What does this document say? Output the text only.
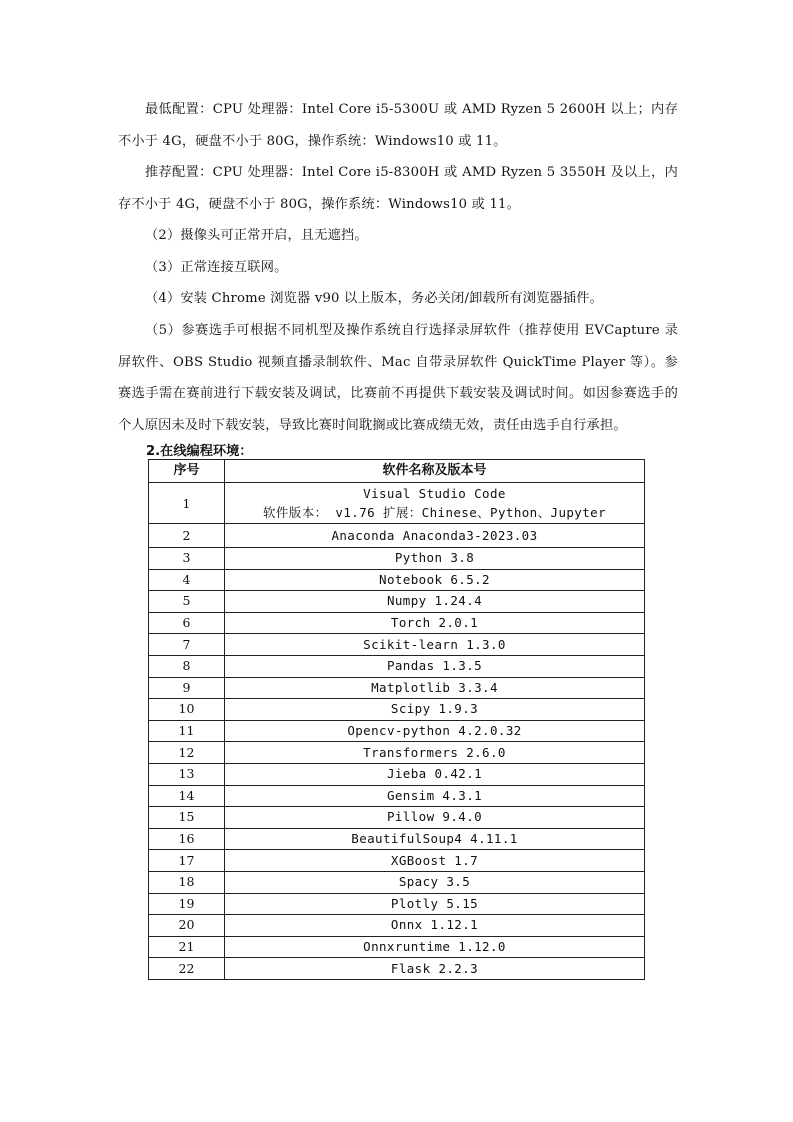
最低配置：CPU 处理器：Intel Core i5-5300U 或 AMD Ryzen 5 2600H 以上；内存不小于 4G，硬盘不小于 80G，操作系统：Windows10 或 11。

推荐配置：CPU 处理器：Intel Core i5-8300H 或 AMD Ryzen 5 3550H 及以上，内存不小于 4G，硬盘不小于 80G，操作系统：Windows10 或 11。

（2）摄像头可正常开启，且无遮挡。

（3）正常连接互联网。

（4）安装 Chrome 浏览器 v90 以上版本，务必关闭/卸载所有浏览器插件。

（5）参赛选手可根据不同机型及操作系统自行选择录屏软件（推荐使用 EVCapture 录屏软件、OBS Studio 视频直播录制软件、Mac 自带录屏软件 QuickTime Player 等）。参赛选手需在赛前进行下载安装及调试，比赛前不再提供下载安装及调试时间。如因参赛选手的个人原因未及时下载安装，导致比赛时间耽搁或比赛成绩无效，责任由选手自行承担。

2.在线编程环境：
序号	软件名称及版本号
1	Visual Studio Code
软件版本： v1.76 扩展：Chinese、Python、Jupyter

2	Anaconda Anaconda3-2023.03
3	Python 3.8
4	Notebook 6.5.2
5	Numpy 1.24.4
6	Torch 2.0.1
7	Scikit-learn 1.3.0
8	Pandas 1.3.5
9	Matplotlib 3.3.4
10	Scipy 1.9.3
11	Opencv-python 4.2.0.32
12	Transformers 2.6.0
13	Jieba 0.42.1
14	Gensim 4.3.1
15	Pillow 9.4.0
16	BeautifulSoup4 4.11.1
17	XGBoost 1.7
18	Spacy 3.5
19	Plotly 5.15
20	Onnx 1.12.1
21	Onnxruntime 1.12.0
22	Flask 2.2.3
